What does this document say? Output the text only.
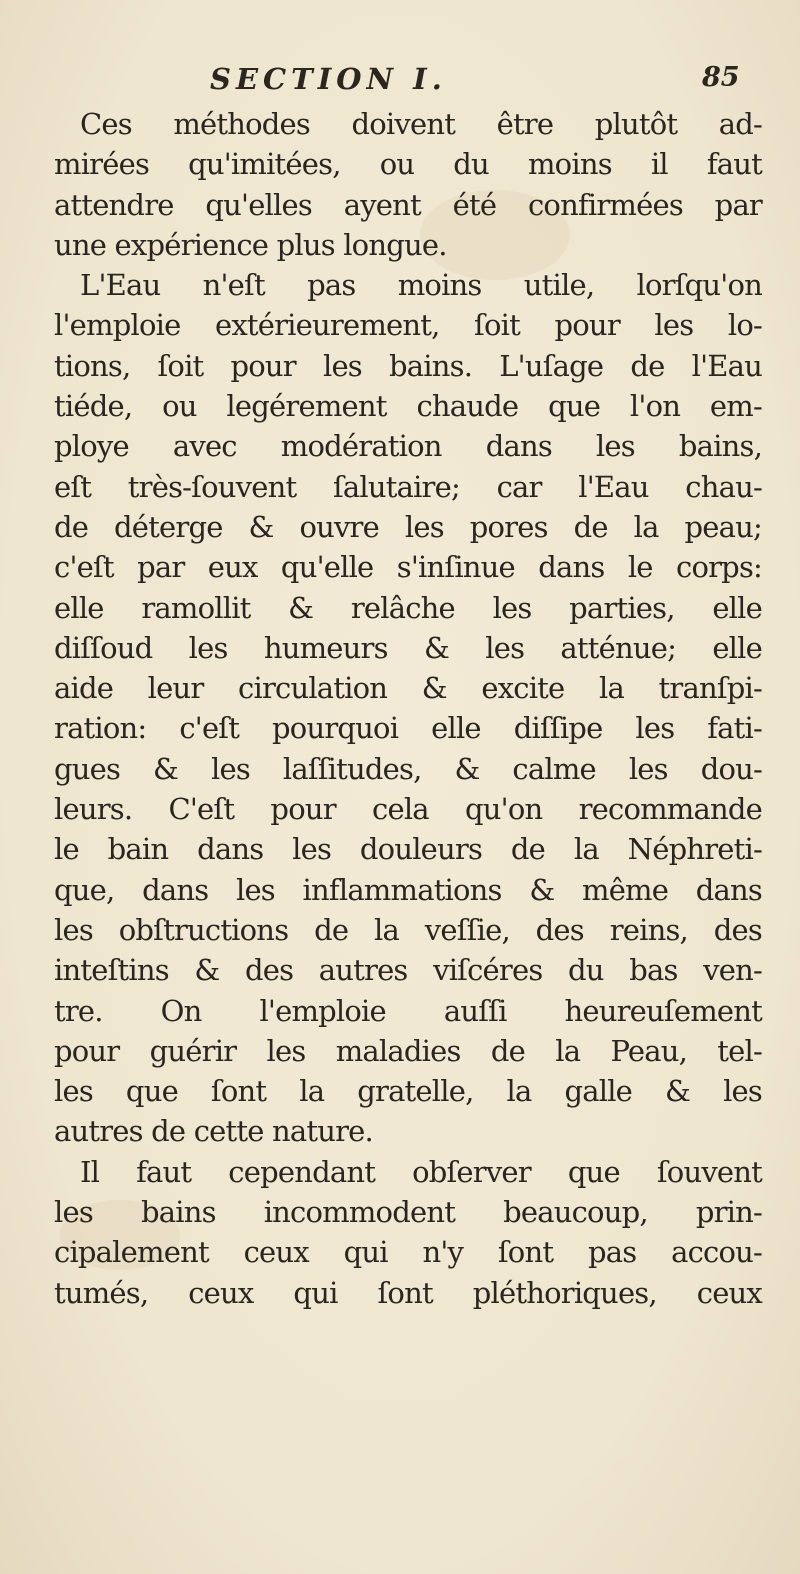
SECTION I.	85
Ces méthodes doivent être plutôt ad-
mirées qu'imitées, ou du moins il faut
attendre qu'elles ayent été confirmées par
une expérience plus longue.
L'Eau n'eſt pas moins utile, lorſqu'on
l'emploie extérieurement, ſoit pour les lo-
tions, ſoit pour les bains. L'uſage de l'Eau
tiéde, ou legérement chaude que l'on em-
ploye avec modération dans les bains,
eſt très-ſouvent ſalutaire; car l'Eau chau-
de déterge & ouvre les pores de la peau;
c'eſt par eux qu'elle s'inſinue dans le corps:
elle ramollit & relâche les parties, elle
diſſoud les humeurs & les atténue; elle
aide leur circulation & excite la tranſpi-
ration: c'eſt pourquoi elle diſſipe les fati-
gues & les laſſitudes, & calme les dou-
leurs. C'eſt pour cela qu'on recommande
le bain dans les douleurs de la Néphreti-
que, dans les inflammations & même dans
les obſtructions de la veſſie, des reins, des
inteſtins & des autres viſcéres du bas ven-
tre. On l'emploie auſſi heureuſement
pour guérir les maladies de la Peau, tel-
les que ſont la gratelle, la galle & les
autres de cette nature.
Il faut cependant obſerver que ſouvent
les bains incommodent beaucoup, prin-
cipalement ceux qui n'y ſont pas accou-
tumés, ceux qui ſont pléthoriques, ceux
